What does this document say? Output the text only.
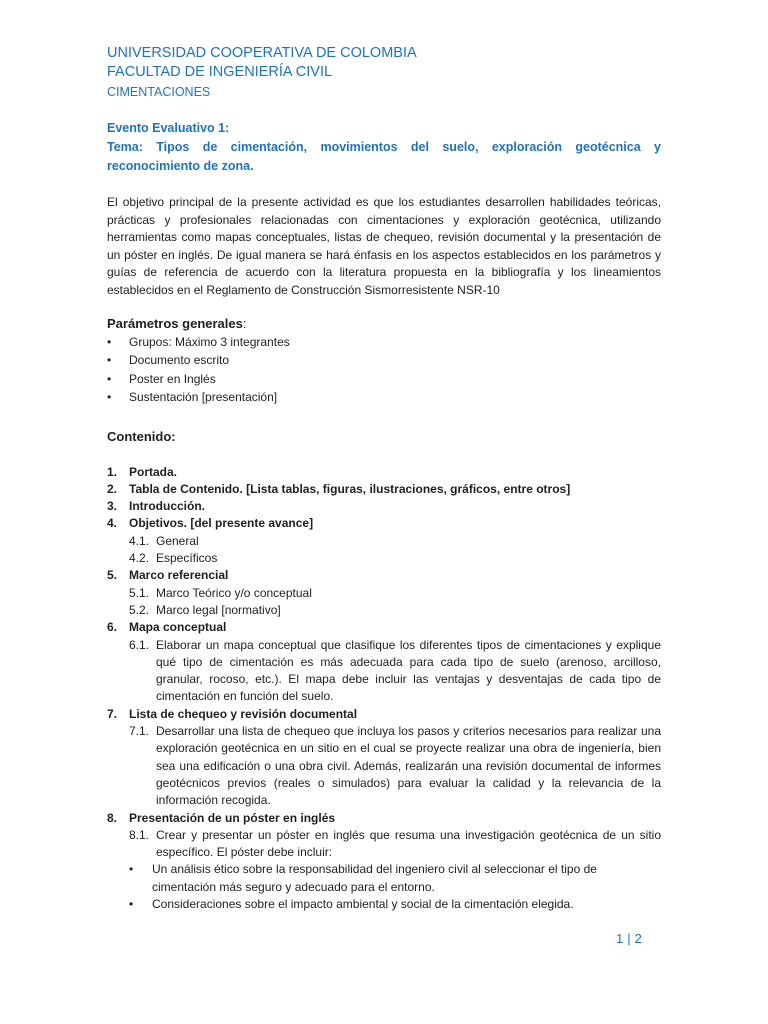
UNIVERSIDAD COOPERATIVA DE COLOMBIA
FACULTAD DE INGENIERÍA CIVIL
CIMENTACIONES
Evento Evaluativo 1:
Tema: Tipos de cimentación, movimientos del suelo, exploración geotécnica y reconocimiento de zona.
El objetivo principal de la presente actividad es que los estudiantes desarrollen habilidades teóricas, prácticas y profesionales relacionadas con cimentaciones y exploración geotécnica, utilizando herramientas como mapas conceptuales, listas de chequeo, revisión documental y la presentación de un póster en inglés. De igual manera se hará énfasis en los aspectos establecidos en los parámetros y guías de referencia de acuerdo con la literatura propuesta en la bibliografía y los lineamientos establecidos en el Reglamento de Construcción Sismorresistente NSR-10
Parámetros generales:
• Grupos: Máximo 3 integrantes
• Documento escrito
• Poster en Inglés
• Sustentación [presentación]
Contenido:
1. Portada.
2. Tabla de Contenido. [Lista tablas, figuras, ilustraciones, gráficos, entre otros]
3. Introducción.
4. Objetivos. [del presente avance]
4.1. General
4.2. Específicos
5. Marco referencial
5.1. Marco Teórico y/o conceptual
5.2. Marco legal [normativo]
6. Mapa conceptual
6.1. Elaborar un mapa conceptual que clasifique los diferentes tipos de cimentaciones y explique qué tipo de cimentación es más adecuada para cada tipo de suelo (arenoso, arcilloso, granular, rocoso, etc.). El mapa debe incluir las ventajas y desventajas de cada tipo de cimentación en función del suelo.
7. Lista de chequeo y revisión documental
7.1. Desarrollar una lista de chequeo que incluya los pasos y criterios necesarios para realizar una exploración geotécnica en un sitio en el cual se proyecte realizar una obra de ingeniería, bien sea una edificación o una obra civil. Además, realizarán una revisión documental de informes geotécnicos previos (reales o simulados) para evaluar la calidad y la relevancia de la información recogida.
8. Presentación de un póster en inglés
8.1. Crear y presentar un póster en inglés que resuma una investigación geotécnica de un sitio específico. El póster debe incluir:
•	Un análisis ético sobre la responsabilidad del ingeniero civil al seleccionar el tipo de cimentación más seguro y adecuado para el entorno.
•	Consideraciones sobre el impacto ambiental y social de la cimentación elegida.
1 | 2
